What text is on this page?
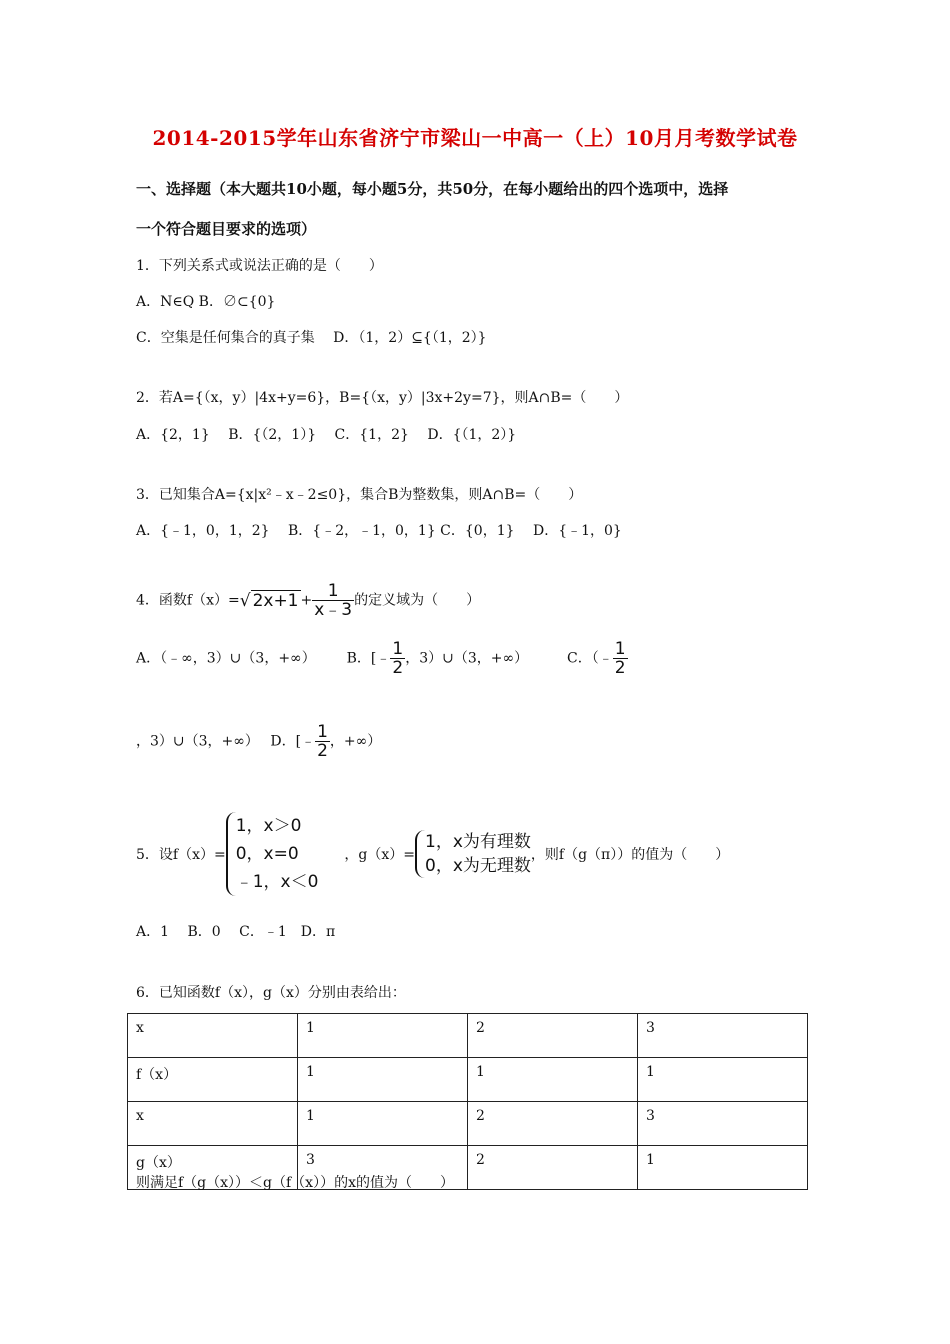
2014-2015学年山东省济宁市梁山一中高一（上）10月月考数学试卷
一、选择题（本大题共10小题，每小题5分，共50分，在每小题给出的四个选项中，选择
一个符合题目要求的选项）
1．下列关系式或说法正确的是（　　）
A．N∈Q B．∅⊂{0}
C．空集是任何集合的真子集　 D．（1，2）⊆{（1，2）}
2．若A={（x，y）|4x+y=6}，B={（x，y）|3x+2y=7}，则A∩B=（　　）
A．{2，1}　 B．{（2，1）}　 C．{1，2}　 D．{（1，2）}
3．已知集合A={x|x²﹣x﹣2≤0}，集合B为整数集，则A∩B=（　　）
A．{﹣1，0，1，2}　 B．{﹣2，﹣1，0，1} C．{0，1}　 D．{﹣1，0}
4．函数f（x）=√ $2x+1 + \frac{1}{x﹣3}$ 的定义域为（　　）
A．（﹣∞，3）∪（3，+∞） B．[﹣ $\frac{1}{2}$ ，3）∪（3，+∞）	C．（﹣ $\frac{1}{2}$
，3）∪（3，+∞）　 D．[﹣ $\frac{1}{2}$ ，+∞）
5．设f（x）=
1，x＞0
0，x=0
﹣1，x＜0
，g（x）=
1，x为有理数
0，x为无理数
，则f（g（π））的值为（　　）
A．1　 B．0　 C．﹣1　D．π
6．已知函数f（x），g（x）分别由表给出：
x	1	2	3
f（x）	1	1	1
x	1	2	3
g（x）	3	2	1
则满足f（g（x））＜g（f（x））的x的值为（　　）
